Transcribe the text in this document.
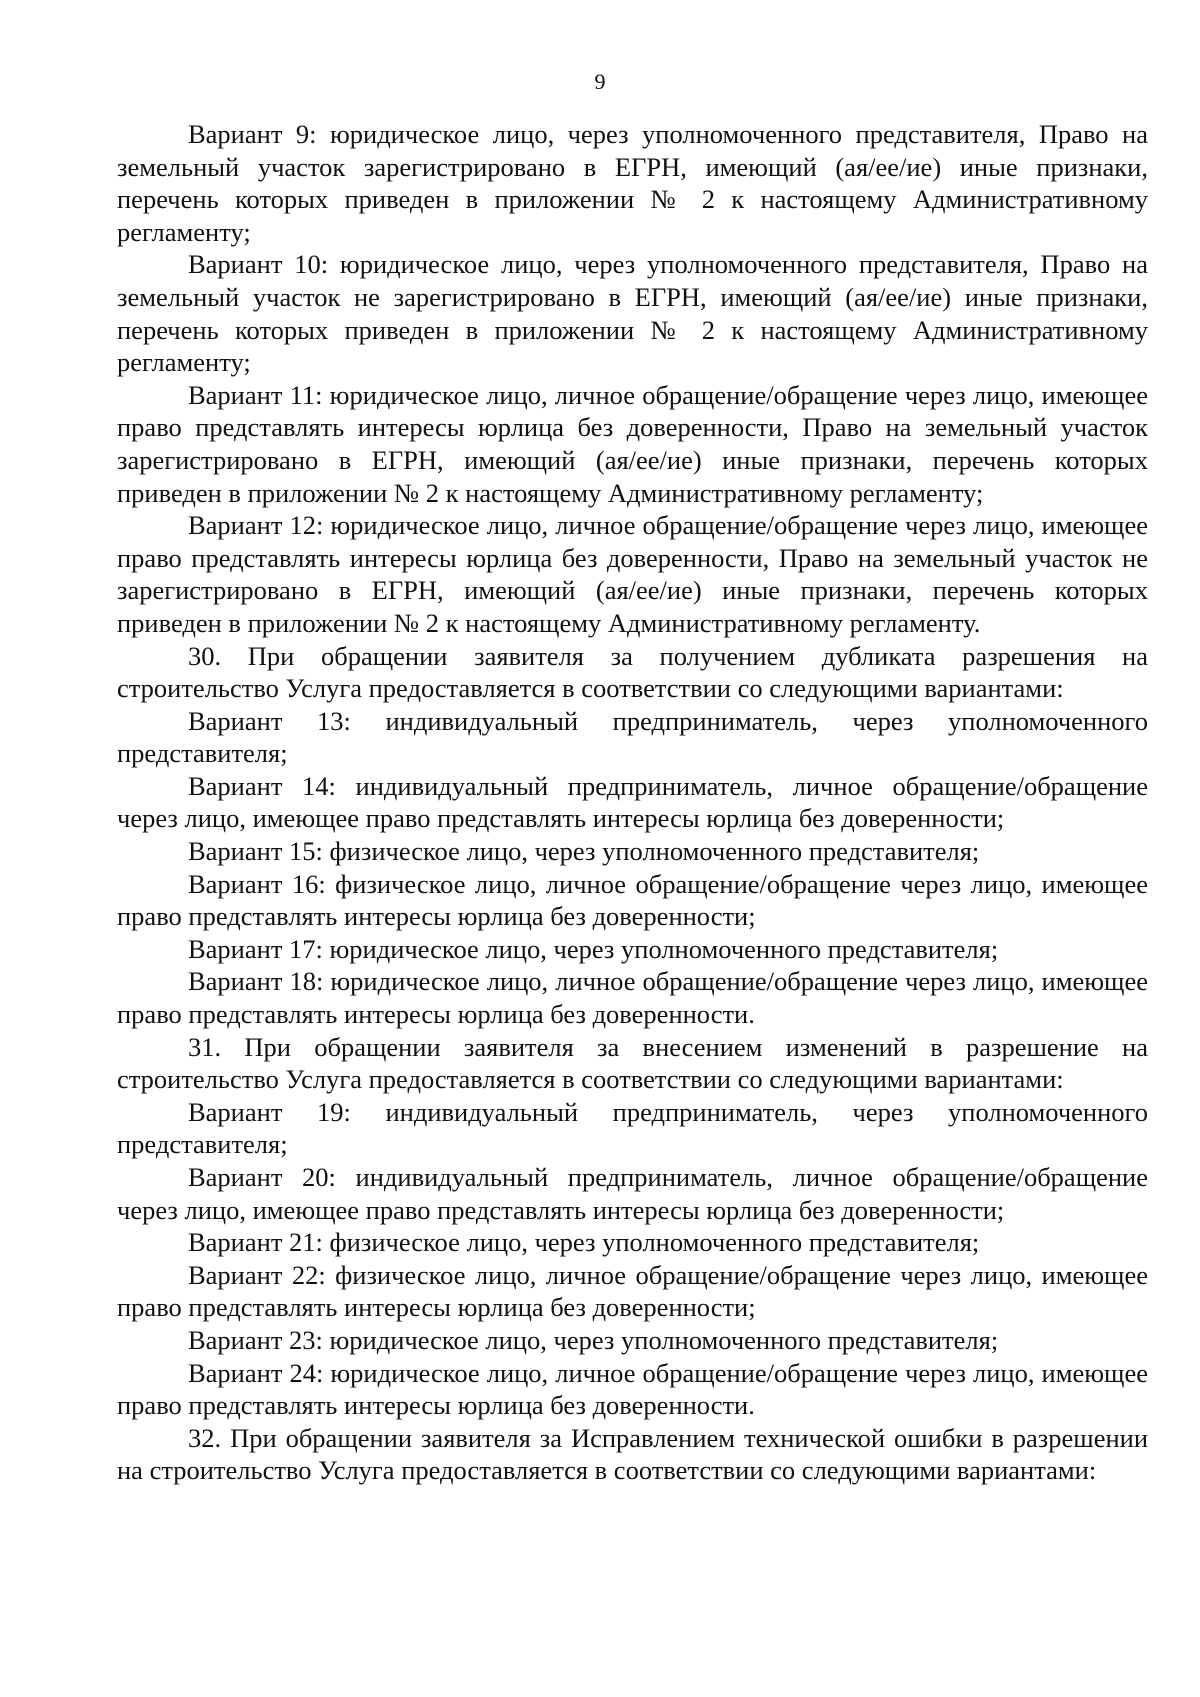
9

Вариант 9: юридическое лицо, через уполномоченного представителя, Право на земельный участок зарегистрировано в ЕГРН, имеющий (ая/ее/ие) иные признаки, перечень которых приведен в приложении № 2 к настоящему Административному регламенту;

Вариант 10: юридическое лицо, через уполномоченного представителя, Право на земельный участок не зарегистрировано в ЕГРН, имеющий (ая/ее/ие) иные признаки, перечень которых приведен в приложении № 2 к настоящему Административному регламенту;

Вариант 11: юридическое лицо, личное обращение/обращение через лицо, имеющее право представлять интересы юрлица без доверенности, Право на земельный участок зарегистрировано в ЕГРН, имеющий (ая/ее/ие) иные признаки, перечень которых приведен в приложении № 2 к настоящему Административному регламенту;

Вариант 12: юридическое лицо, личное обращение/обращение через лицо, имеющее право представлять интересы юрлица без доверенности, Право на земельный участок не зарегистрировано в ЕГРН, имеющий (ая/ее/ие) иные признаки, перечень которых приведен в приложении № 2 к настоящему Административному регламенту.

30. При обращении заявителя за получением дубликата разрешения на строительство Услуга предоставляется в соответствии со следующими вариантами:

Вариант 13: индивидуальный предприниматель, через уполномоченного представителя;

Вариант 14: индивидуальный предприниматель, личное обращение/обращение через лицо, имеющее право представлять интересы юрлица без доверенности;

Вариант 15: физическое лицо, через уполномоченного представителя;

Вариант 16: физическое лицо, личное обращение/обращение через лицо, имеющее право представлять интересы юрлица без доверенности;

Вариант 17: юридическое лицо, через уполномоченного представителя;

Вариант 18: юридическое лицо, личное обращение/обращение через лицо, имеющее право представлять интересы юрлица без доверенности.

31. При обращении заявителя за внесением изменений в разрешение на строительство Услуга предоставляется в соответствии со следующими вариантами:

Вариант 19: индивидуальный предприниматель, через уполномоченного представителя;

Вариант 20: индивидуальный предприниматель, личное обращение/обращение через лицо, имеющее право представлять интересы юрлица без доверенности;

Вариант 21: физическое лицо, через уполномоченного представителя;

Вариант 22: физическое лицо, личное обращение/обращение через лицо, имеющее право представлять интересы юрлица без доверенности;

Вариант 23: юридическое лицо, через уполномоченного представителя;

Вариант 24: юридическое лицо, личное обращение/обращение через лицо, имеющее право представлять интересы юрлица без доверенности.

32. При обращении заявителя за Исправлением технической ошибки в разрешении на строительство Услуга предоставляется в соответствии со следующими вариантами:
